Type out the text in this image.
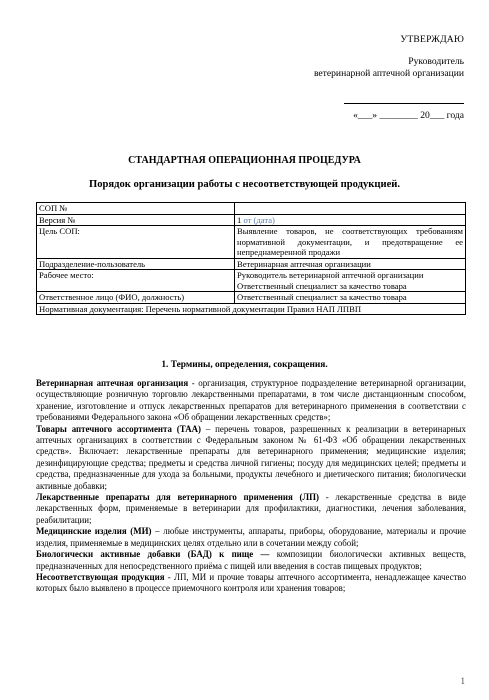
УТВЕРЖДАЮ
Руководитель
ветеринарной аптечной организации
«___» ________ 20___ года
СТАНДАРТНАЯ ОПЕРАЦИОННАЯ ПРОЦЕДУРА
Порядок организации работы с несоответствующей продукцией.
СОП №	
Версия №	1 от (дата)
Цель СОП:	Выявление товаров, не соответствующих требованиям нормативной документации, и предотвращение ее непреднамеренной продажи
Подразделение-пользователь	Ветеринарная аптечная организации
Рабочее место:	Руководитель ветеринарной аптечной организации
Ответственный специалист за качество товара

Ответственное лицо (ФИО, должность)	Ответственный специалист за качество товара
Нормативная документация: Перечень нормативной документации Правил НАП ЛПВП	
1. Термины, определения, сокращения.

Ветеринарная аптечная организация - организация, структурное подразделение ветеринарной организации, осуществляющие розничную торговлю лекарственными препаратами, в том числе дистанционным способом, хранение, изготовление и отпуск лекарственных препаратов для ветеринарного применения в соответствии с требованиями Федерального закона «Об обращении лекарственных средств»;

Товары аптечного ассортимента (ТАА) – перечень товаров, разрешенных к реализации в ветеринарных аптечных организациях в соответствии с Федеральным законом № 61-ФЗ «Об обращении лекарственных средств». Включает: лекарственные препараты для ветеринарного применения; медицинские изделия; дезинфицирующие средства; предметы и средства личной гигиены; посуду для медицинских целей; предметы и средства, предназначенные для ухода за больными, продукты лечебного и диетического питания; биологически активные добавки;

Лекарственные препараты для ветеринарного применения (ЛП) - лекарственные средства в виде лекарственных форм, применяемые в ветеринарии для профилактики, диагностики, лечения заболевания, реабилитации;

Медицинские изделия (МИ) – любые инструменты, аппараты, приборы, оборудование, материалы и прочие изделия, применяемые в медицинских целях отдельно или в сочетании между собой;

Биологически активные добавки (БАД) к пище — композиции биологически активных веществ, предназначенных для непосредственного приёма с пищей или введения в состав пищевых продуктов;

Несоответствующая продукция - ЛП, МИ и прочие товары аптечного ассортимента, ненадлежащее качество которых было выявлено в процессе приемочного контроля или хранения товаров;

1
